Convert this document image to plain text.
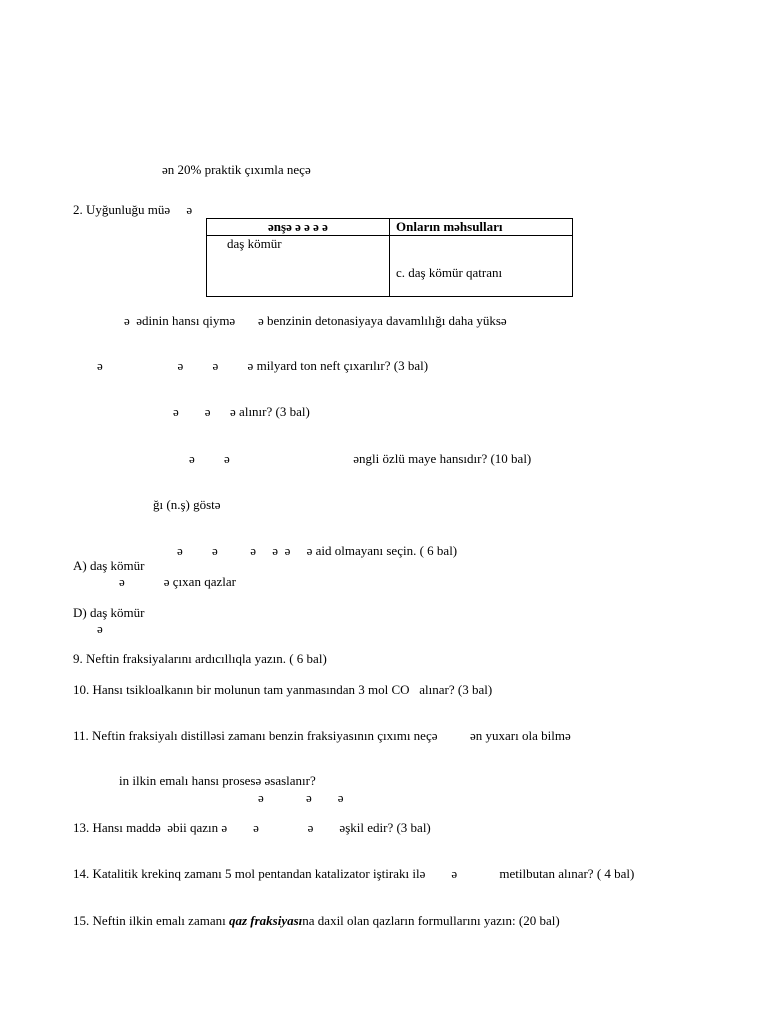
ən 20% praktik çıxımla neçə
2. Uyğunluğu müə     ə
ənşə ə ə ə ə	Onların məhsulları

daş kömür	c. daş kömür qatranı
ə  ədinin hansı qiymə       ə benzinin detonasiyaya davamlılığı daha yüksə
ə                       ə         ə         ə milyard ton neft çıxarılır? (3 bal)
ə        ə      ə alınır? (3 bal)
ə         ə                                      əngli özlü maye hansıdır? (10 bal)
ğı (n.ş) göstə
ə         ə          ə     ə  ə     ə aid olmayanı seçin. ( 6 bal)
A) daş kömür
ə            ə çıxan qazlar
D) daş kömür
ə
9. Neftin fraksiyalarını ardıcıllıqla yazın. ( 6 bal)
10. Hansı tsikloalkanın bir molunun tam yanmasından 3 mol CO   alınar? (3 bal)
11. Neftin fraksiyalı distilləsi zamanı benzin fraksiyasının çıxımı neçə          ən yuxarı ola bilmə
in ilkin emalı hansı prosesə əsaslanır?
ə             ə        ə
13. Hansı maddə  əbii qazın ə        ə               ə        əşkil edir? (3 bal)
14. Katalitik krekinq zamanı 5 mol pentandan katalizator iştirakı ilə        ə             metilbutan alınar? ( 4 bal)
15. Neftin ilkin emalı zamanı qaz fraksiyasına daxil olan qazların formullarını yazın: (20 bal)
